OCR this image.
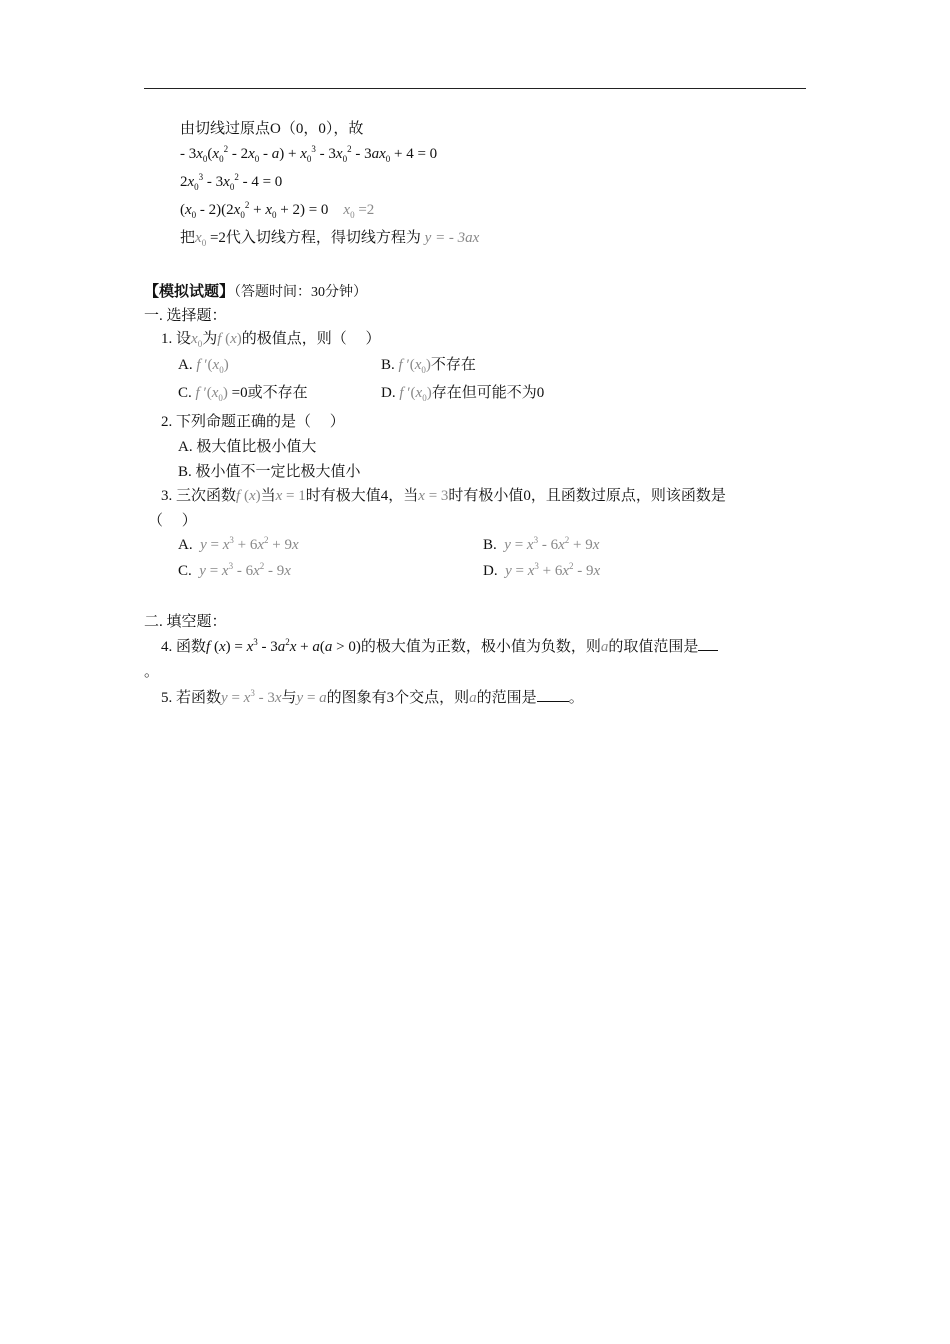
由切线过原点O（0，0），故
- $3x_0(x_0^2 - 2x_0 - a) + x_0^3 - 3x_0^2 - 3ax_0 + 4 = 0$
$2x_0^3 - 3x_0^2 - 4 = 0$
$(x_0 - 2)(2x_0^2 + x_0 + 2) = 0$    $x_0 =2$
把$x_0 =2$代入切线方程，得切线方程为 y = - 3ax
【模拟试题】（答题时间：30分钟）
一. 选择题：
1. 设$x_0$为f (x)的极值点，则（　 ）
A. f $'(x_0)$	B. f $'(x_0)$不存在
C. f $'(x_0) =0$或不存在	D. f $'(x_0)$存在但可能不为0
2. 下列命题正确的是（　 ）
A. 极大值比极小值大
B. 极小值不一定比极大值小
3. 三次函数f (x)当x = 1时有极大值4，当x = 3时有极小值0，且函数过原点，则该函数是
（　 ）
A. $y = x^3 + 6x^2 + 9x$	B. $y = x^3 - 6x^2 + 9x$
C. $y = x^3 - 6x^2 - 9x$	D. $y = x^3 + 6x^2 - 9x$
二. 填空题：
4. 函数f $(x) = x^3 - 3a^2x + a(a > 0)$的极大值为正数，极小值为负数，则a的取值范围是
。
5. 若函数$y = x^3 - 3x$与y = a的图象有3个交点，则a的范围是 。
